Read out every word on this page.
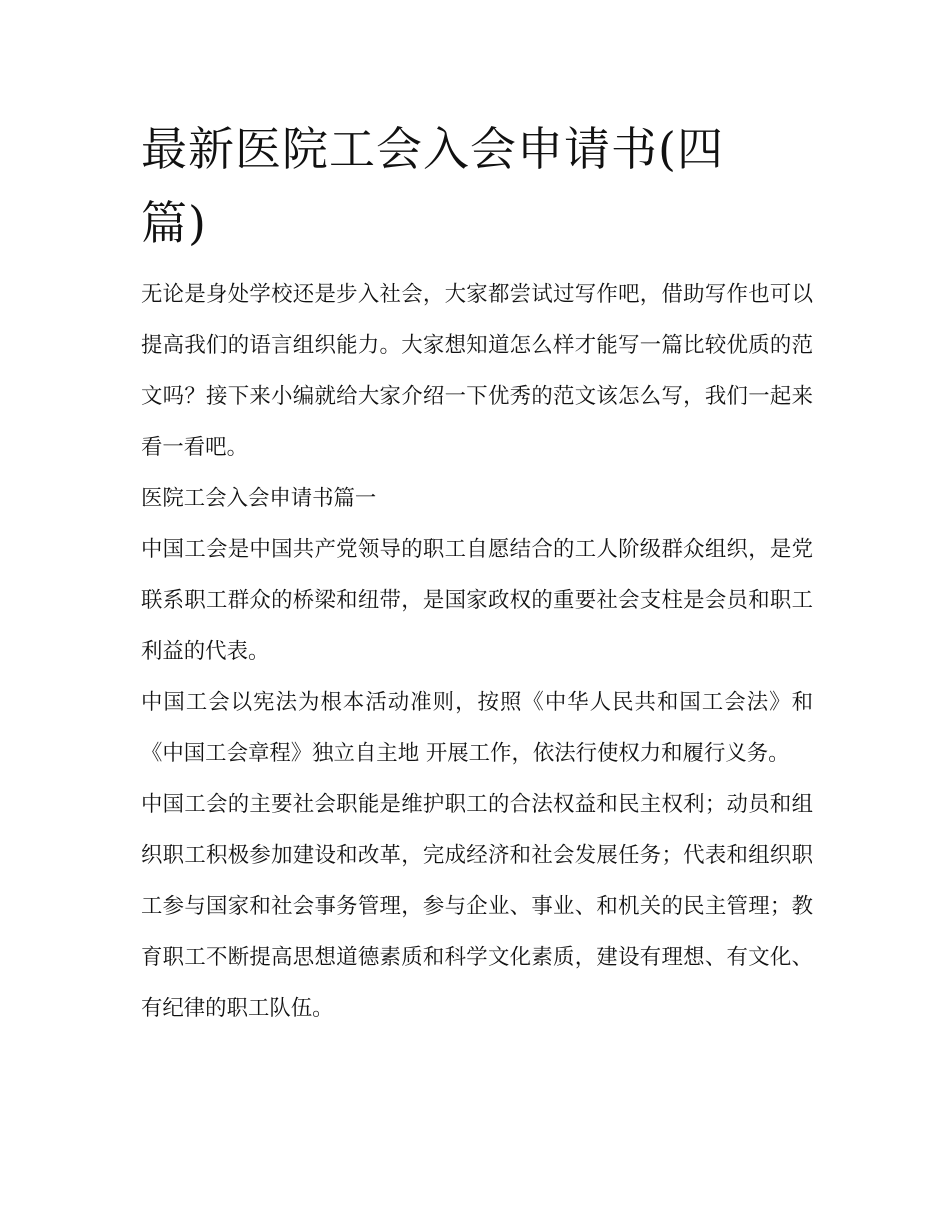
最新医院工会入会申请书(四篇)

无论是身处学校还是步入社会，大家都尝试过写作吧，借助写作也可以提高我们的语言组织能力。大家想知道怎么样才能写一篇比较优质的范文吗？接下来小编就给大家介绍一下优秀的范文该怎么写，我们一起来看一看吧。

医院工会入会申请书篇一

中国工会是中国共产党领导的职工自愿结合的工人阶级群众组织，是党联系职工群众的桥梁和纽带，是国家政权的重要社会支柱是会员和职工利益的代表。

中国工会以宪法为根本活动准则，按照《中华人民共和国工会法》和《中国工会章程》独立自主地 开展工作，依法行使权力和履行义务。

中国工会的主要社会职能是维护职工的合法权益和民主权利；动员和组织职工积极参加建设和改革，完成经济和社会发展任务；代表和组织职工参与国家和社会事务管理，参与企业、事业、和机关的民主管理；教育职工不断提高思想道德素质和科学文化素质，建设有理想、有文化、有纪律的职工队伍。
